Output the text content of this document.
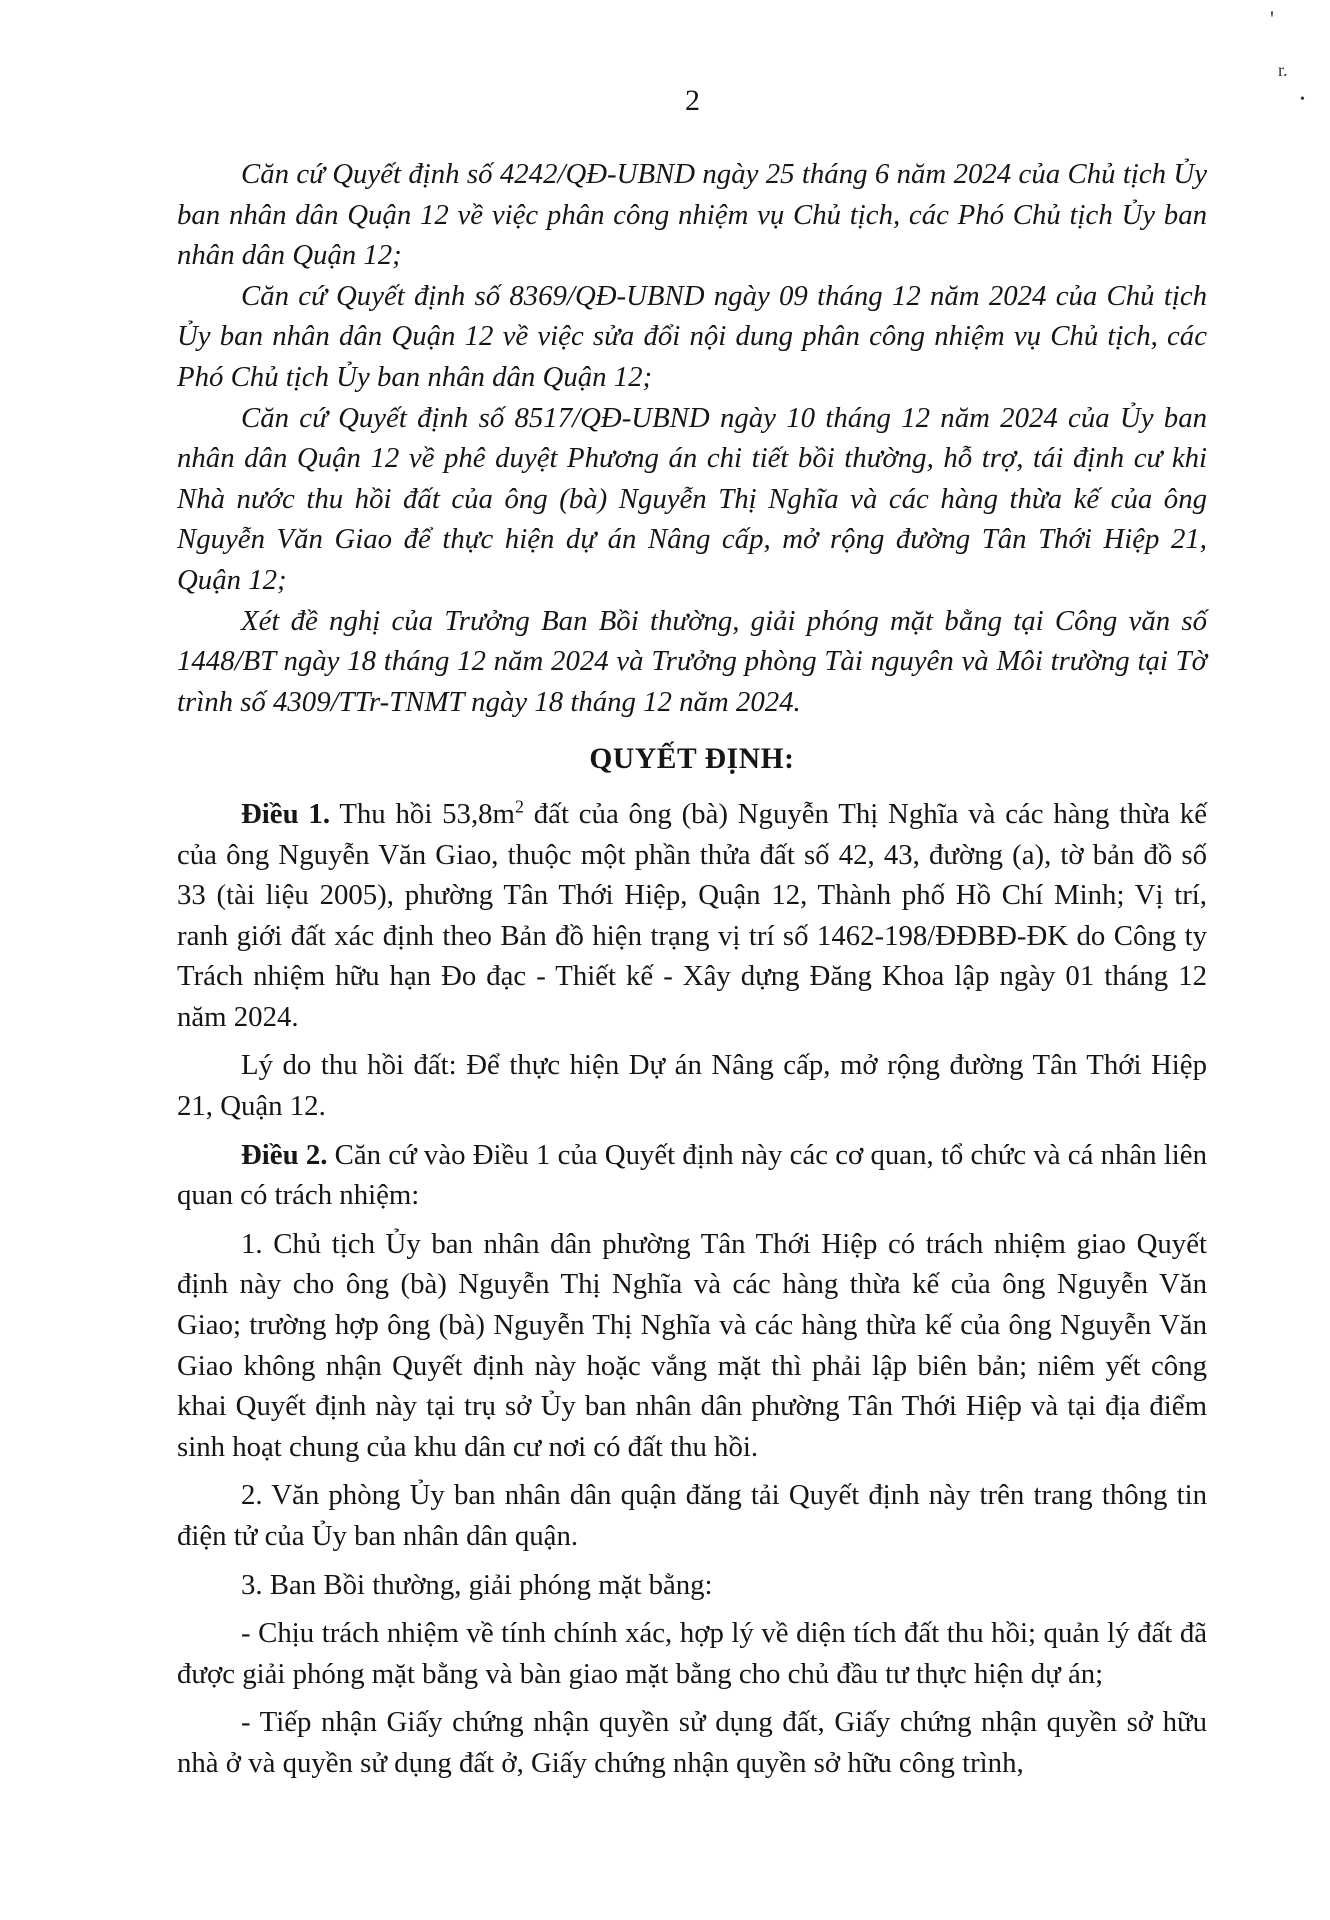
2
'
r.
•

Căn cứ Quyết định số 4242/QĐ-UBND ngày 25 tháng 6 năm 2024 của Chủ tịch Ủy ban nhân dân Quận 12 về việc phân công nhiệm vụ Chủ tịch, các Phó Chủ tịch Ủy ban nhân dân Quận 12;

Căn cứ Quyết định số 8369/QĐ-UBND ngày 09 tháng 12 năm 2024 của Chủ tịch Ủy ban nhân dân Quận 12 về việc sửa đổi nội dung phân công nhiệm vụ Chủ tịch, các Phó Chủ tịch Ủy ban nhân dân Quận 12;

Căn cứ Quyết định số 8517/QĐ-UBND ngày 10 tháng 12 năm 2024 của Ủy ban nhân dân Quận 12 về phê duyệt Phương án chi tiết bồi thường, hỗ trợ, tái định cư khi Nhà nước thu hồi đất của ông (bà) Nguyễn Thị Nghĩa và các hàng thừa kế của ông Nguyễn Văn Giao để thực hiện dự án Nâng cấp, mở rộng đường Tân Thới Hiệp 21, Quận 12;

Xét đề nghị của Trưởng Ban Bồi thường, giải phóng mặt bằng tại Công văn số 1448/BT ngày 18 tháng 12 năm 2024 và Trưởng phòng Tài nguyên và Môi trường tại Tờ trình số 4309/TTr-TNMT ngày 18 tháng 12 năm 2024.

QUYẾT ĐỊNH:

Điều 1. Thu hồi $53,8m^2$ đất của ông (bà) Nguyễn Thị Nghĩa và các hàng thừa kế của ông Nguyễn Văn Giao, thuộc một phần thửa đất số 42, 43, đường (a), tờ bản đồ số 33 (tài liệu 2005), phường Tân Thới Hiệp, Quận 12, Thành phố Hồ Chí Minh; Vị trí, ranh giới đất xác định theo Bản đồ hiện trạng vị trí số 1462-198/ĐĐBĐ-ĐK do Công ty Trách nhiệm hữu hạn Đo đạc - Thiết kế - Xây dựng Đăng Khoa lập ngày 01 tháng 12 năm 2024.

Lý do thu hồi đất: Để thực hiện Dự án Nâng cấp, mở rộng đường Tân Thới Hiệp 21, Quận 12.

Điều 2. Căn cứ vào Điều 1 của Quyết định này các cơ quan, tổ chức và cá nhân liên quan có trách nhiệm:

1. Chủ tịch Ủy ban nhân dân phường Tân Thới Hiệp có trách nhiệm giao Quyết định này cho ông (bà) Nguyễn Thị Nghĩa và các hàng thừa kế của ông Nguyễn Văn Giao; trường hợp ông (bà) Nguyễn Thị Nghĩa và các hàng thừa kế của ông Nguyễn Văn Giao không nhận Quyết định này hoặc vắng mặt thì phải lập biên bản; niêm yết công khai Quyết định này tại trụ sở Ủy ban nhân dân phường Tân Thới Hiệp và tại địa điểm sinh hoạt chung của khu dân cư nơi có đất thu hồi.

2. Văn phòng Ủy ban nhân dân quận đăng tải Quyết định này trên trang thông tin điện tử của Ủy ban nhân dân quận.

3. Ban Bồi thường, giải phóng mặt bằng:

- Chịu trách nhiệm về tính chính xác, hợp lý về diện tích đất thu hồi; quản lý đất đã được giải phóng mặt bằng và bàn giao mặt bằng cho chủ đầu tư thực hiện dự án;

- Tiếp nhận Giấy chứng nhận quyền sử dụng đất, Giấy chứng nhận quyền sở hữu nhà ở và quyền sử dụng đất ở, Giấy chứng nhận quyền sở hữu công trình,
